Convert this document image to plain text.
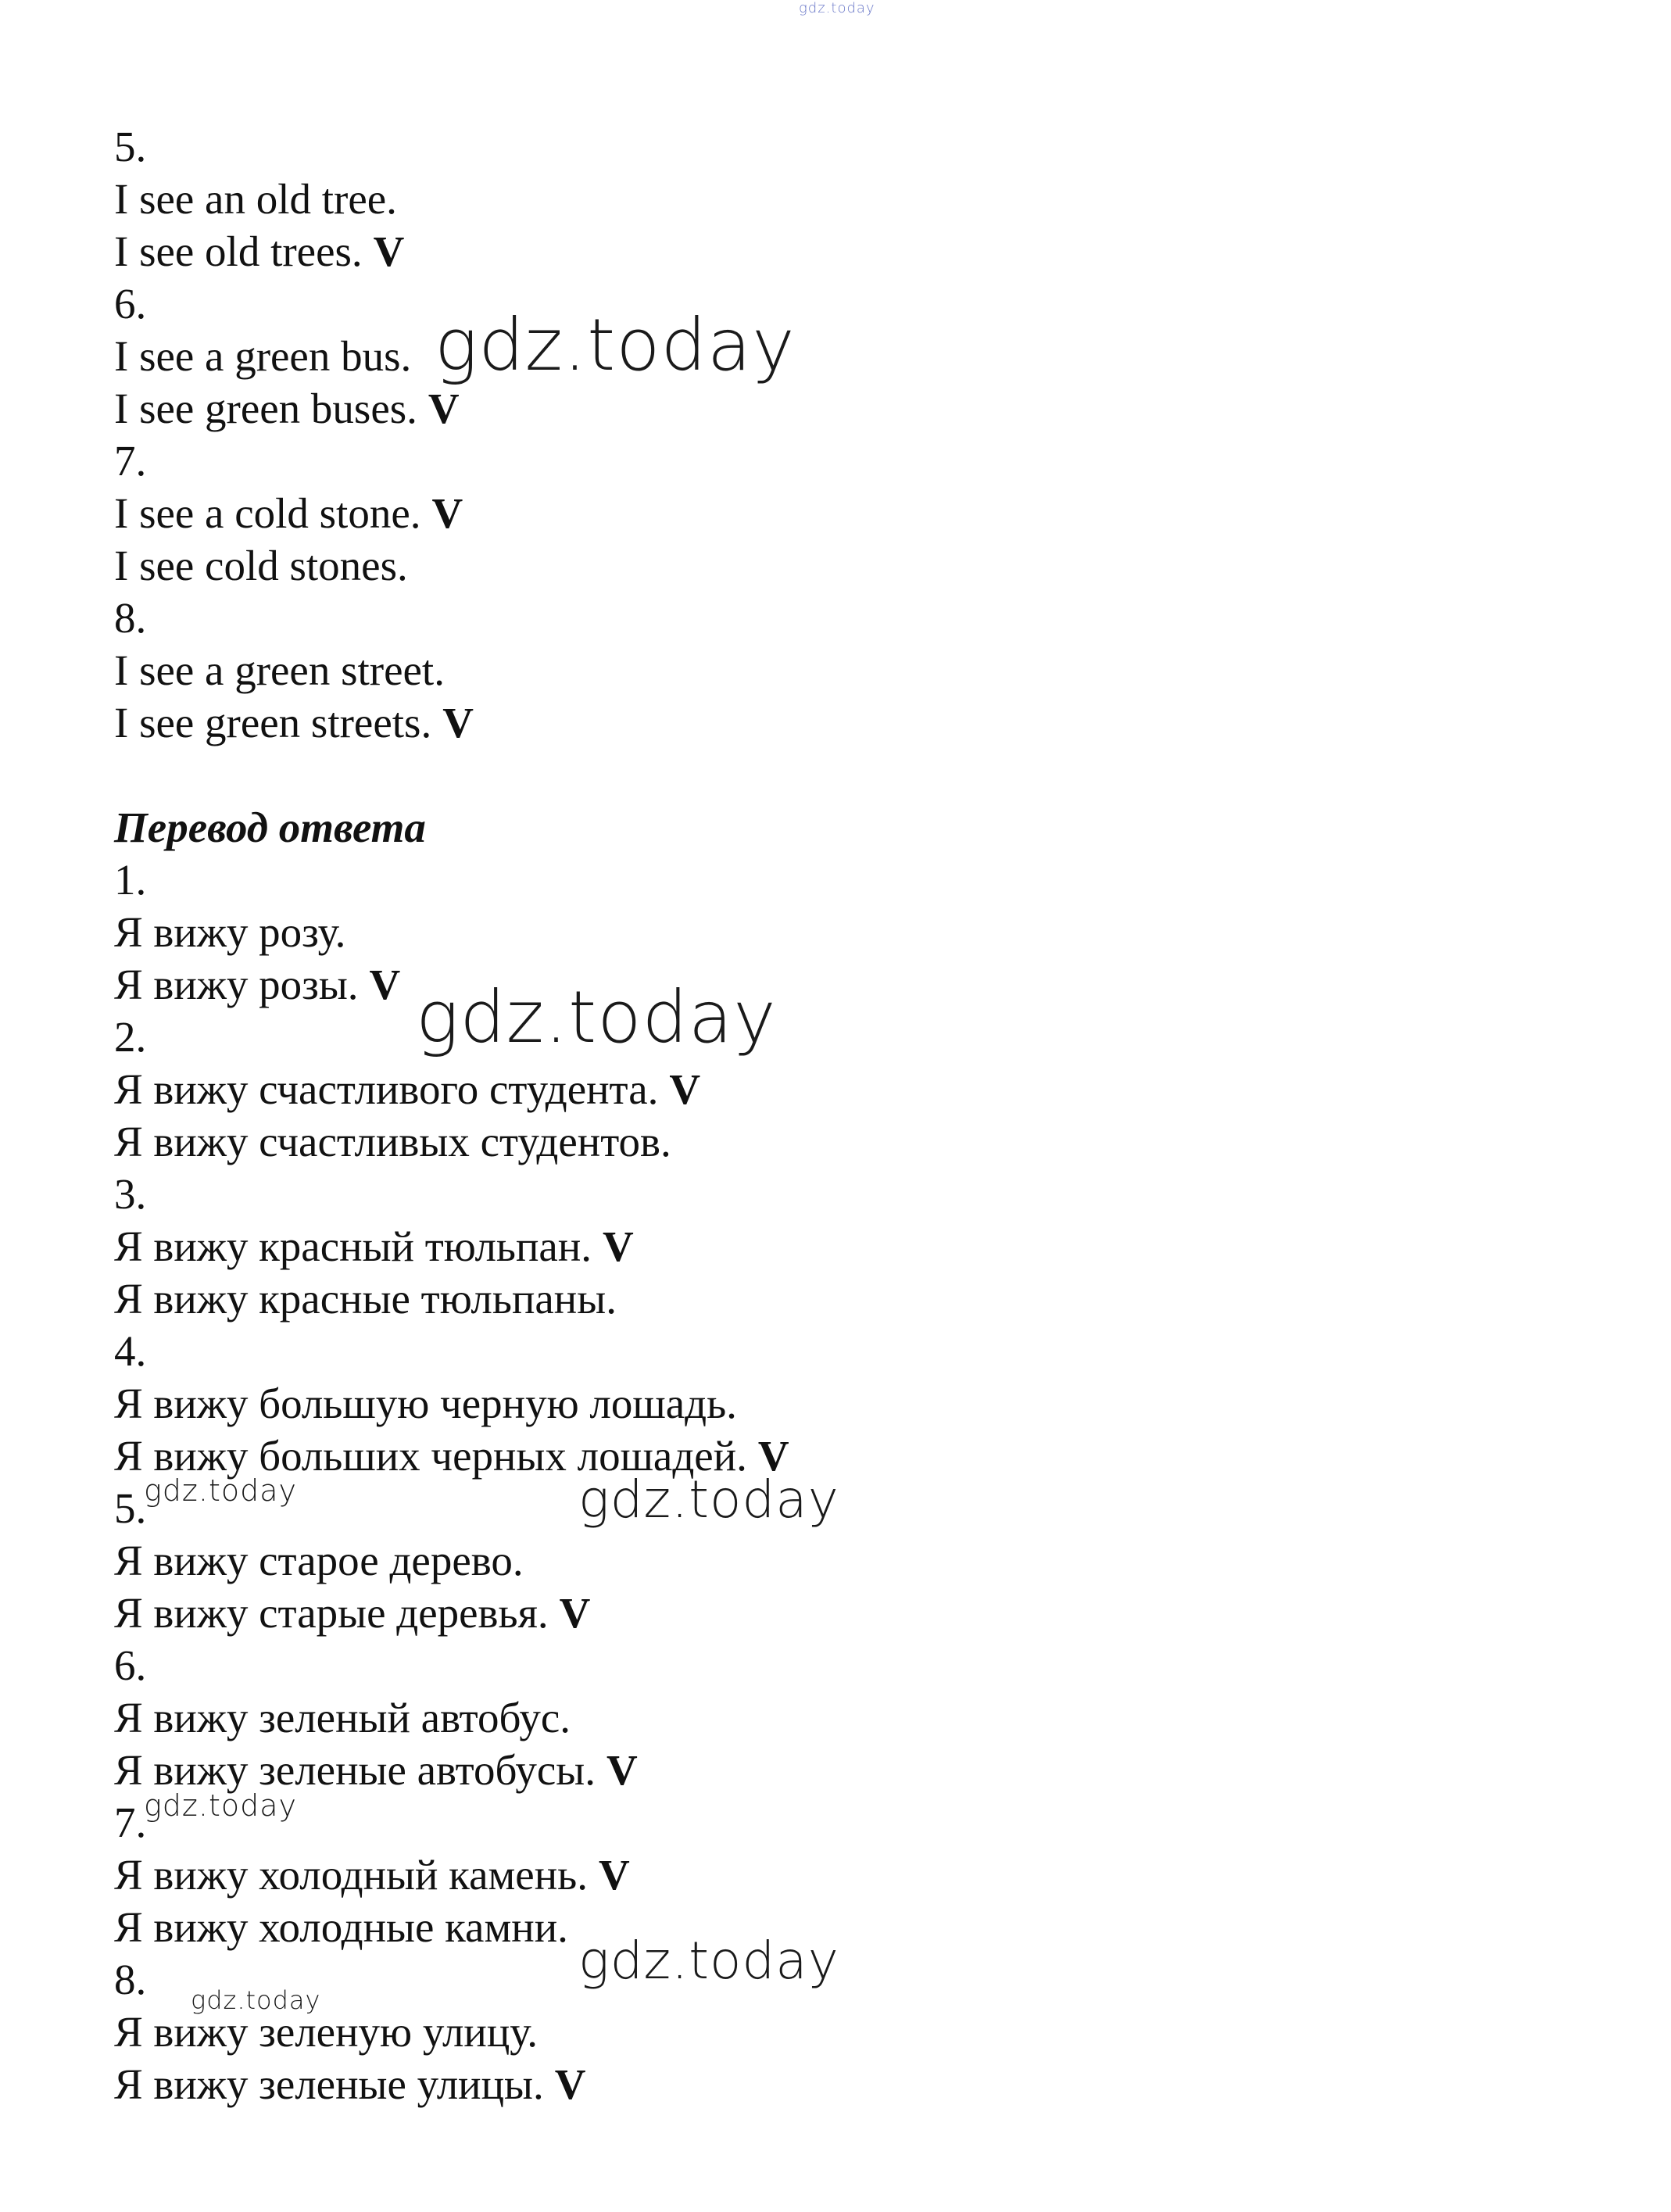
5.
I see an old tree.
I see old trees. V
6.
I see a green bus.
I see green buses. V
7.
I see a cold stone. V
I see cold stones.
8.
I see a green street.
I see green streets. V
Перевод ответа
1.
Я вижу розу.
Я вижу розы. V
2.
Я вижу счастливого студента. V
Я вижу счастливых студентов.
3.
Я вижу красный тюльпан. V
Я вижу красные тюльпаны.
4.
Я вижу большую черную лошадь.
Я вижу больших черных лошадей. V
5.
Я вижу старое дерево.
Я вижу старые деревья. V
6.
Я вижу зеленый автобус.
Я вижу зеленые автобусы. V
7.
Я вижу холодный камень. V
Я вижу холодные камни.
8.
Я вижу зеленую улицу.
Я вижу зеленые улицы. V
gdz.today
gdz.today
gdz.today
gdz.today
gdz.today
gdz.today
gdz.today
gdz.today
